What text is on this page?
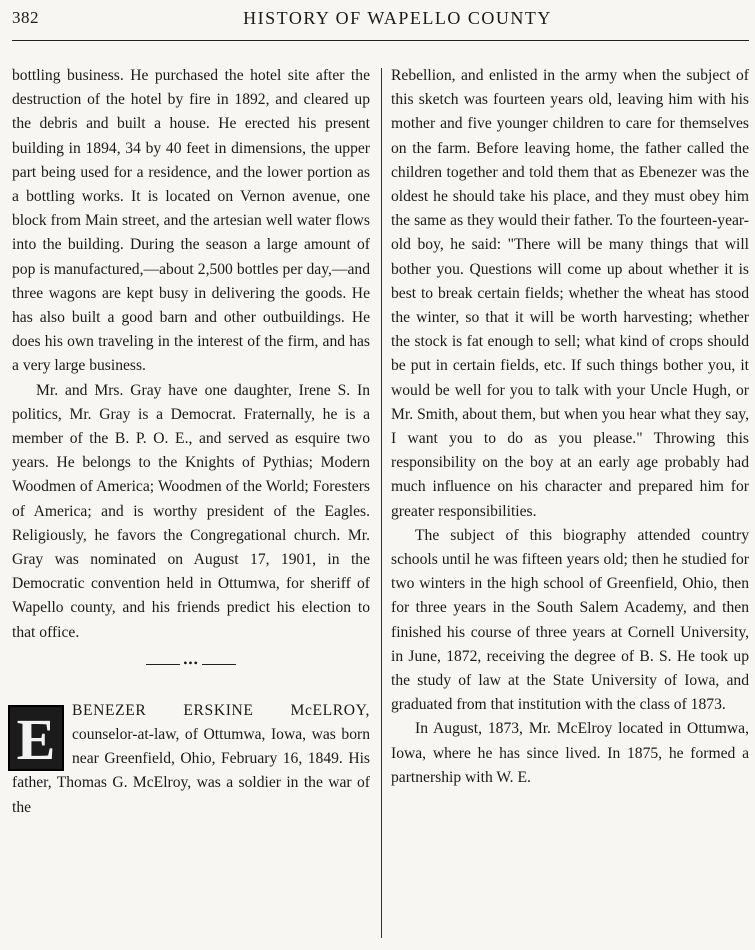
382	HISTORY OF WAPELLO COUNTY

bottling business. He purchased the hotel site after the destruction of the hotel by fire in 1892, and cleared up the debris and built a house. He erected his present building in 1894, 34 by 40 feet in dimensions, the upper part being used for a residence, and the lower portion as a bottling works. It is located on Vernon avenue, one block from Main street, and the artesian well water flows into the building. During the season a large amount of pop is manufactured,—about 2,500 bottles per day,—and three wagons are kept busy in delivering the goods. He has also built a good barn and other outbuildings. He does his own traveling in the interest of the firm, and has a very large business.

Mr. and Mrs. Gray have one daughter, Irene S. In politics, Mr. Gray is a Democrat. Fraternally, he is a member of the B. P. O. E., and served as esquire two years. He belongs to the Knights of Pythias; Modern Woodmen of America; Woodmen of the World; Foresters of America; and is worthy president of the Eagles. Religiously, he favors the Congregational church. Mr. Gray was nominated on August 17, 1901, in the Democratic convention held in Ottumwa, for sheriff of Wapello county, and his friends predict his election to that office.

•••
E	BENEZER ERSKINE McELROY, counselor-at-law, of Ottumwa, Iowa, was born near Greenfield, Ohio, February 16, 1849. His father, Thomas G. McElroy, was a soldier in the war of the

Rebellion, and enlisted in the army when the subject of this sketch was fourteen years old, leaving him with his mother and five younger children to care for themselves on the farm. Before leaving home, the father called the children together and told them that as Ebenezer was the oldest he should take his place, and they must obey him the same as they would their father. To the fourteen-year-old boy, he said: "There will be many things that will bother you. Questions will come up about whether it is best to break certain fields; whether the wheat has stood the winter, so that it will be worth harvesting; whether the stock is fat enough to sell; what kind of crops should be put in certain fields, etc. If such things bother you, it would be well for you to talk with your Uncle Hugh, or Mr. Smith, about them, but when you hear what they say, I want you to do as you please." Throwing this responsibility on the boy at an early age probably had much influence on his character and prepared him for greater responsibilities.

The subject of this biography attended country schools until he was fifteen years old; then he studied for two winters in the high school of Greenfield, Ohio, then for three years in the South Salem Academy, and then finished his course of three years at Cornell University, in June, 1872, receiving the degree of B. S. He took up the study of law at the State University of Iowa, and graduated from that institution with the class of 1873.

In August, 1873, Mr. McElroy located in Ottumwa, Iowa, where he has since lived. In 1875, he formed a partnership with W. E.
